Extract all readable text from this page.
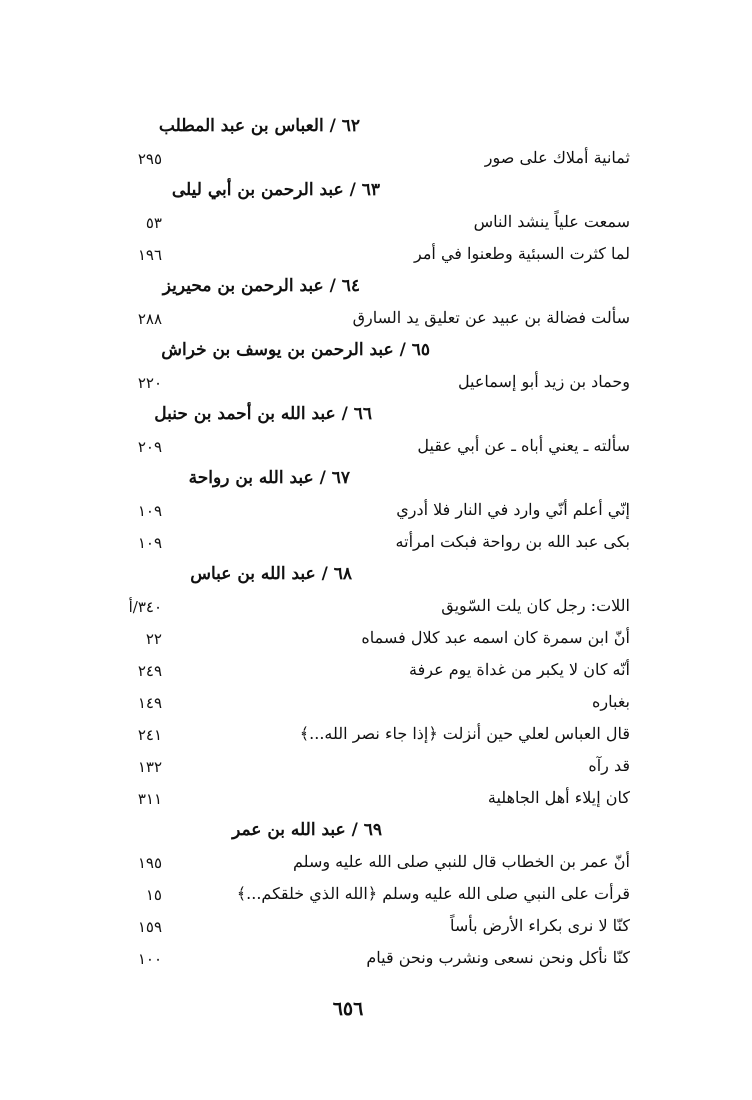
٦٢ / العباس بن عبد المطلب
ثمانية أملاك على صور
٢٩٥
٦٣ / عبد الرحمن بن أبي ليلى
سمعت علياً ينشد الناس
٥٣
لما كثرت السبئية وطعنوا في أمر
١٩٦
٦٤ / عبد الرحمن بن محيريز
سألت فضالة بن عبيد عن تعليق يد السارق
٢٨٨
٦٥ / عبد الرحمن بن يوسف بن خراش
وحماد بن زيد أبو إسماعيل
٢٢٠
٦٦ / عبد الله بن أحمد بن حنبل
سألته ـ يعني أباه ـ عن أبي عقيل
٢٠٩
٦٧ / عبد الله بن رواحة
إنّي أعلم أنّي وارد في النار فلا أدري
١٠٩
بكى عبد الله بن رواحة فبكت امرأته
١٠٩
٦٨ / عبد الله بن عباس
اللات: رجل كان يلت السّويق
٣٤٠/أ
أنّ ابن سمرة كان اسمه عبد كلال فسماه
٢٢
أنّه كان لا يكبر من غداة يوم عرفة
٢٤٩
بغباره
١٤٩
قال العباس لعلي حين أنزلت ﴿إذا جاء نصر الله...﴾
٢٤١
قد رآه
١٣٢
كان إيلاء أهل الجاهلية
٣١١
٦٩ / عبد الله بن عمر
أنّ عمر بن الخطاب قال للنبي صلى الله عليه وسلم
١٩٥
قرأت على النبي صلى الله عليه وسلم ﴿الله الذي خلقكم...﴾
١٥
كنّا لا نرى بكراء الأرض بأساً
١٥٩
كنّا نأكل ونحن نسعى ونشرب ونحن قيام
١٠٠
٦٥٦
